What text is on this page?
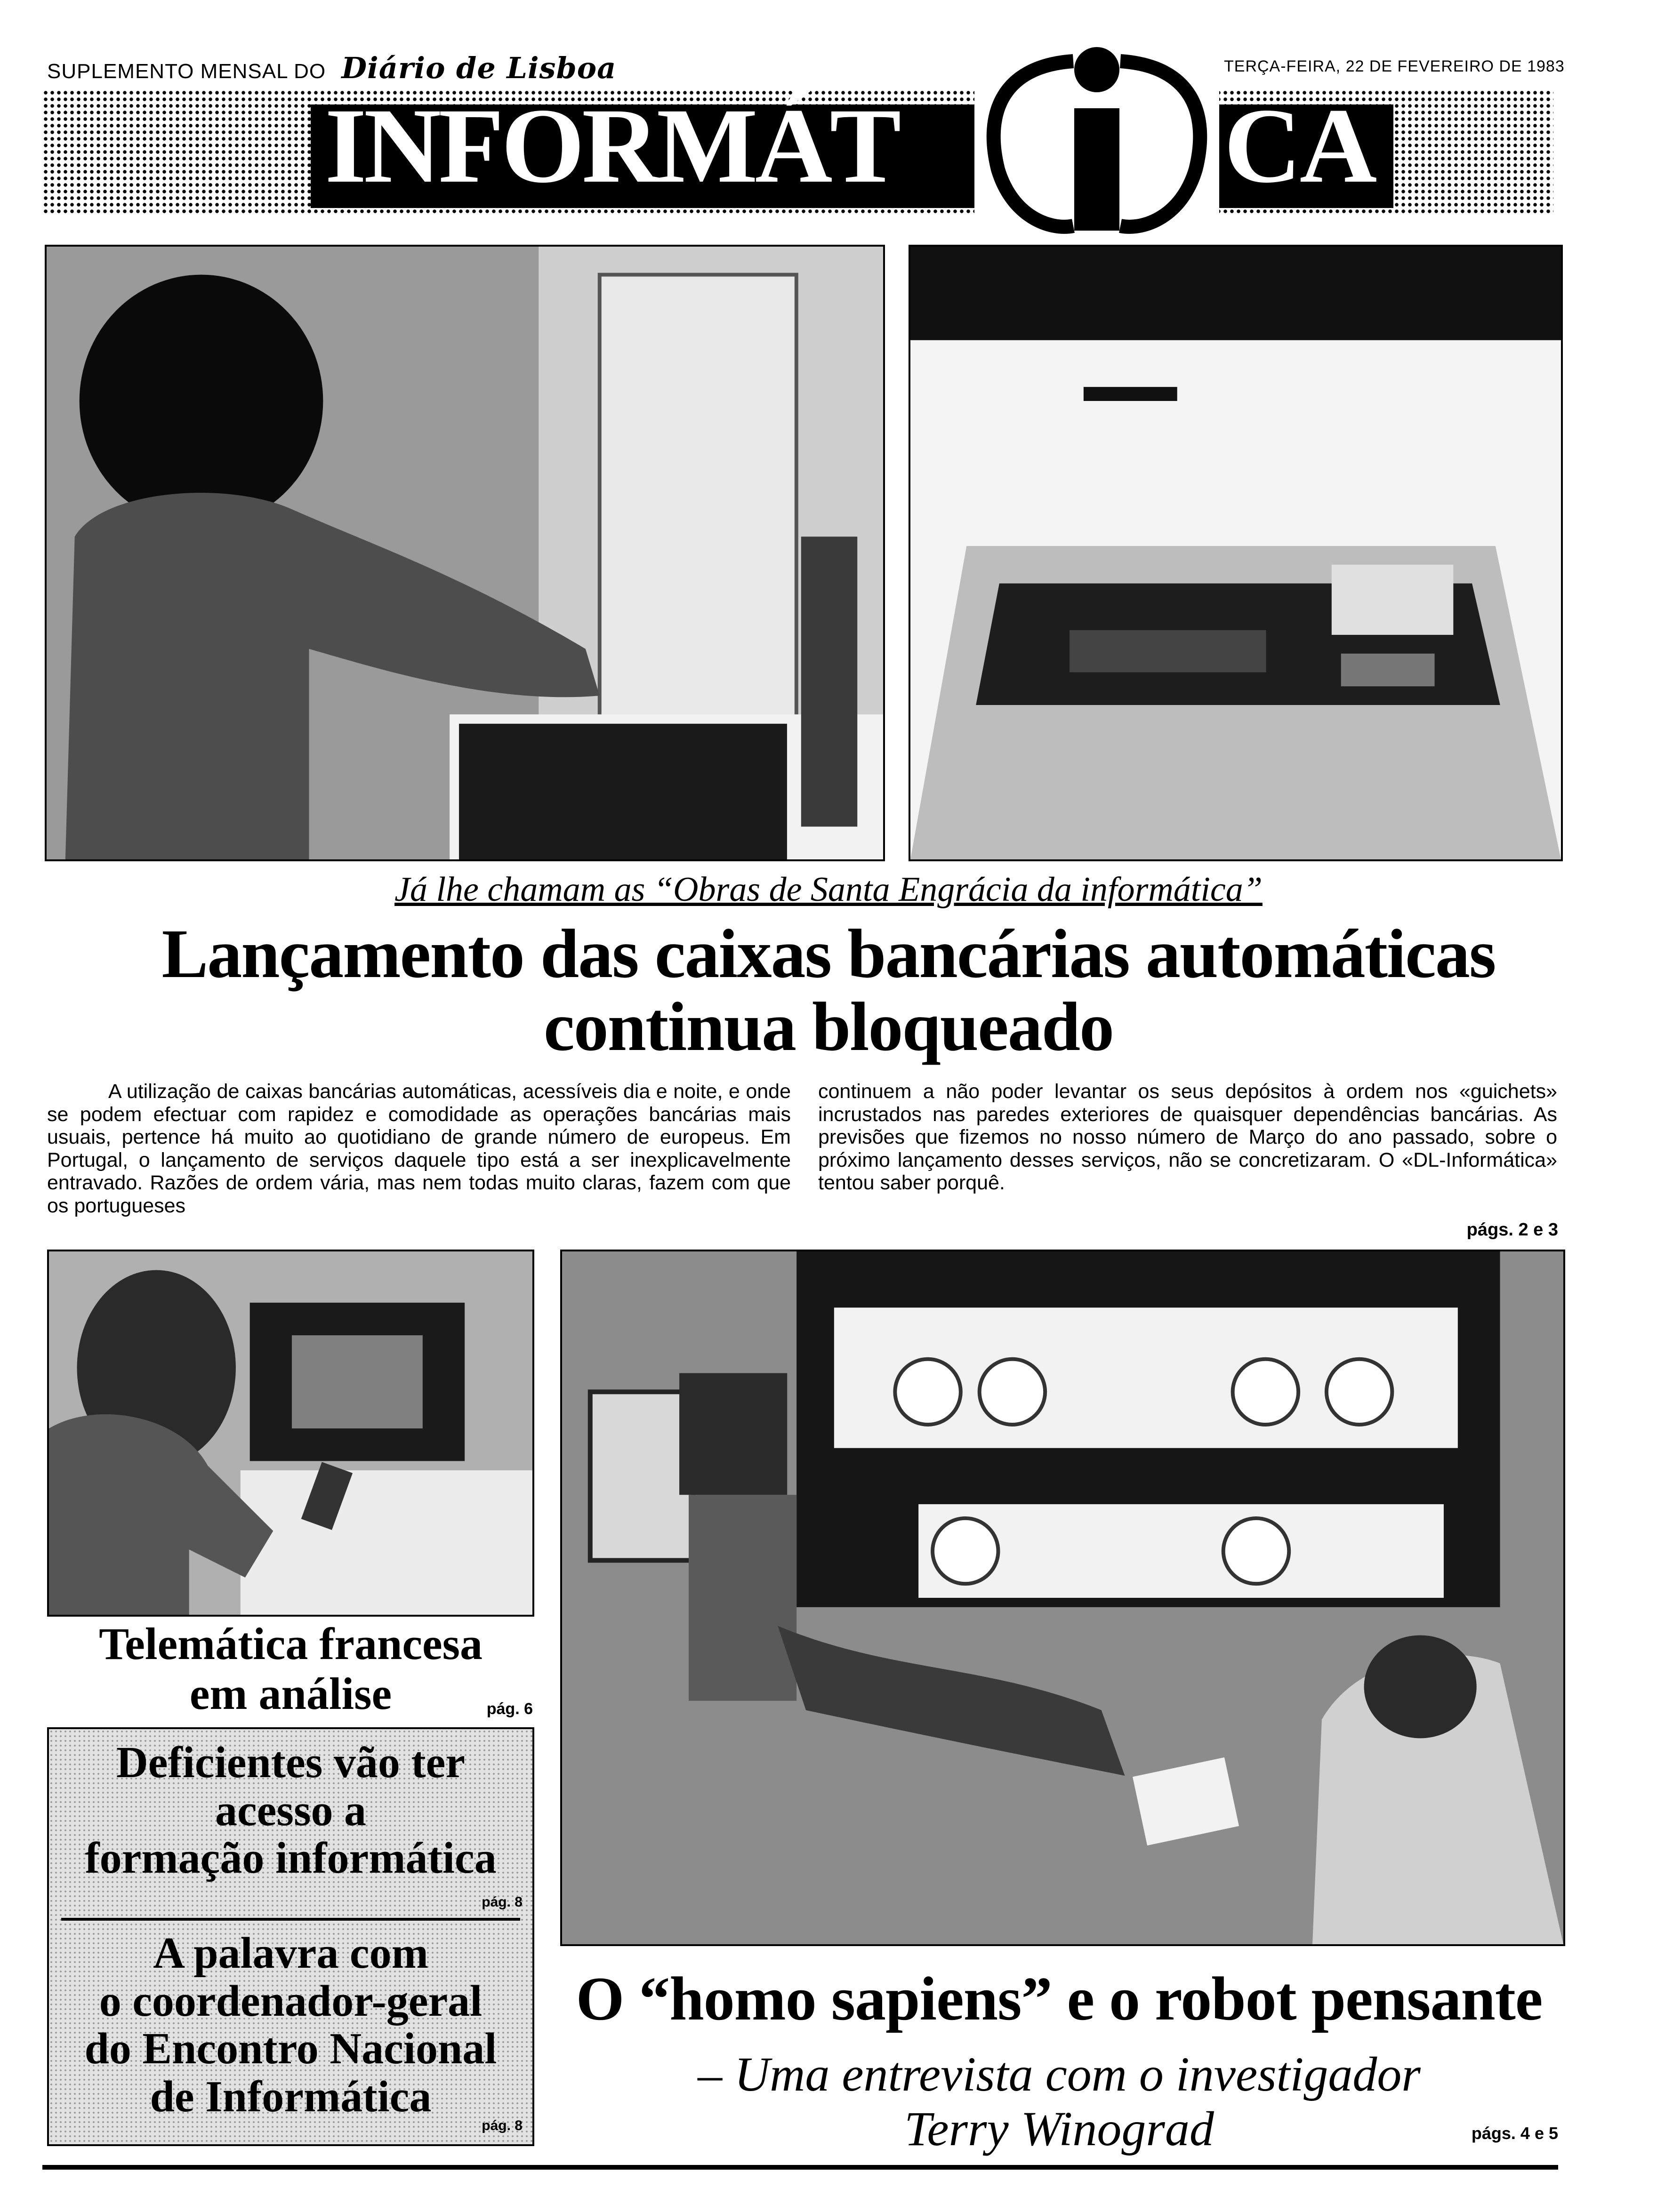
SUPLEMENTO MENSAL DO Diário de Lisboa	TERÇA-FEIRA, 22 DE FEVEREIRO DE 1983
INFORMÁT	CA
Já lhe chamam as “Obras de Santa Engrácia da informática”
Lançamento das caixas bancárias automáticas
continua bloqueado
A utilização de caixas bancárias automáticas, acessíveis dia e noite, e onde se podem efectuar com rapidez e comodidade as operações bancárias mais usuais, pertence há muito ao quotidiano de grande número de europeus. Em Portugal, o lançamento de serviços daquele tipo está a ser inexplicavelmente entravado. Razões de ordem vária, mas nem todas muito claras, fazem com que os portugueses
continuem a não poder levantar os seus depósitos à ordem nos «guichets» incrustados nas paredes exteriores de quaisquer dependências bancárias. As previsões que fizemos no nosso número de Março do ano passado, sobre o próximo lançamento desses serviços, não se concretizaram. O «DL-Informática» tentou saber porquê.
págs. 2 e 3
Telemática francesa
em análise	pág. 6
Deficientes vão ter
acesso a
formação informática
pág. 8
A palavra com
o coordenador-geral
do Encontro Nacional
de Informática
pág. 8
O “homo sapiens” e o robot pensante
– Uma entrevista com o investigador
Terry Winograd	págs. 4 e 5
